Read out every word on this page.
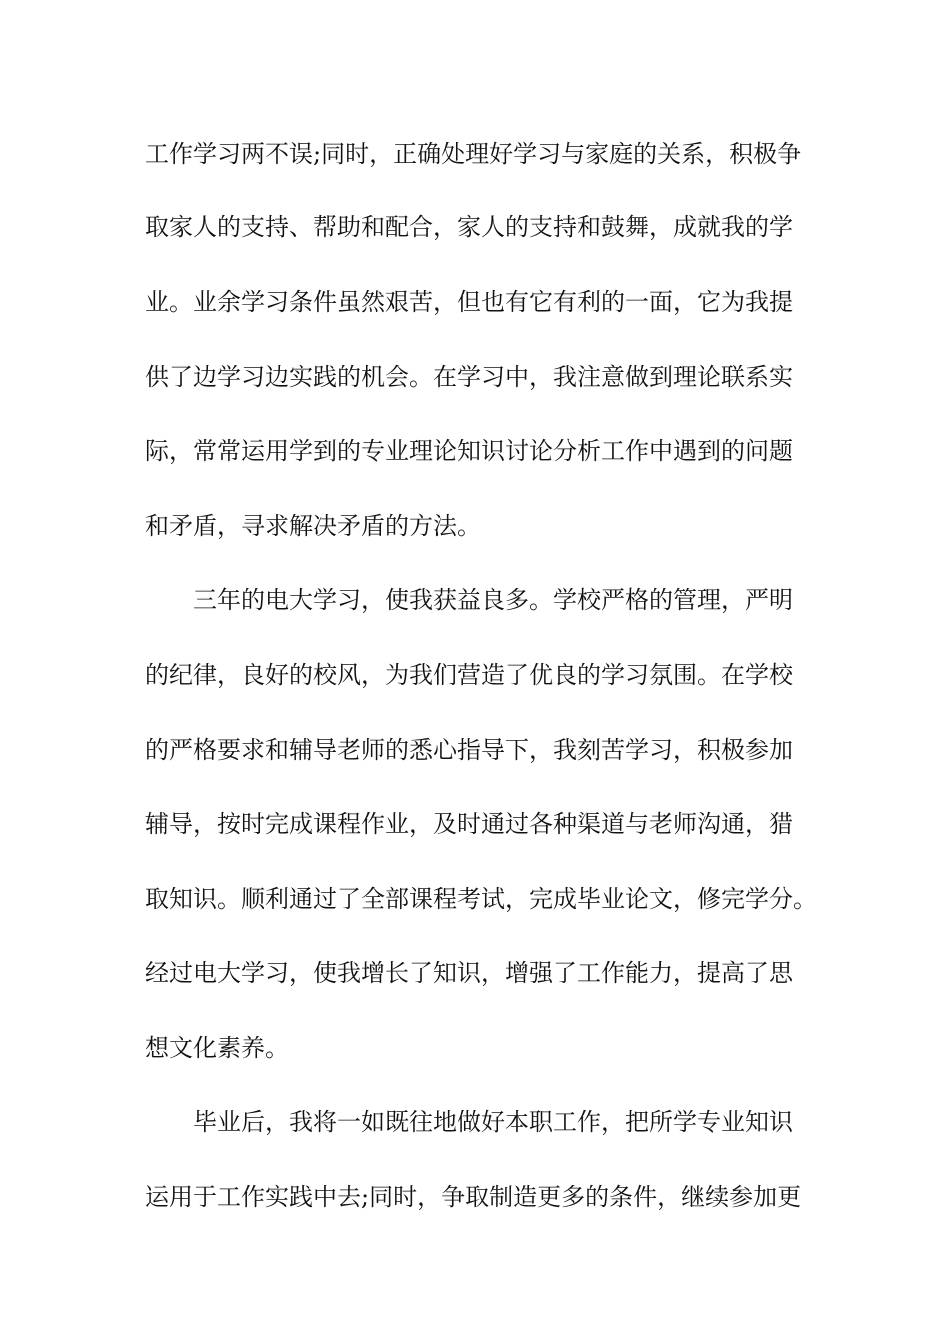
工作学习两不误;同时，正确处理好学习与家庭的关系，积极争
取家人的支持、帮助和配合，家人的支持和鼓舞，成就我的学
业。业余学习条件虽然艰苦，但也有它有利的一面，它为我提
供了边学习边实践的机会。在学习中，我注意做到理论联系实
际，常常运用学到的专业理论知识讨论分析工作中遇到的问题
和矛盾，寻求解决矛盾的方法。
三年的电大学习，使我获益良多。学校严格的管理，严明
的纪律，良好的校风，为我们营造了优良的学习氛围。在学校
的严格要求和辅导老师的悉心指导下，我刻苦学习，积极参加
辅导，按时完成课程作业，及时通过各种渠道与老师沟通，猎
取知识。顺利通过了全部课程考试，完成毕业论文，修完学分。
经过电大学习，使我增长了知识，增强了工作能力，提高了思
想文化素养。
毕业后，我将一如既往地做好本职工作，把所学专业知识
运用于工作实践中去;同时，争取制造更多的条件，继续参加更
